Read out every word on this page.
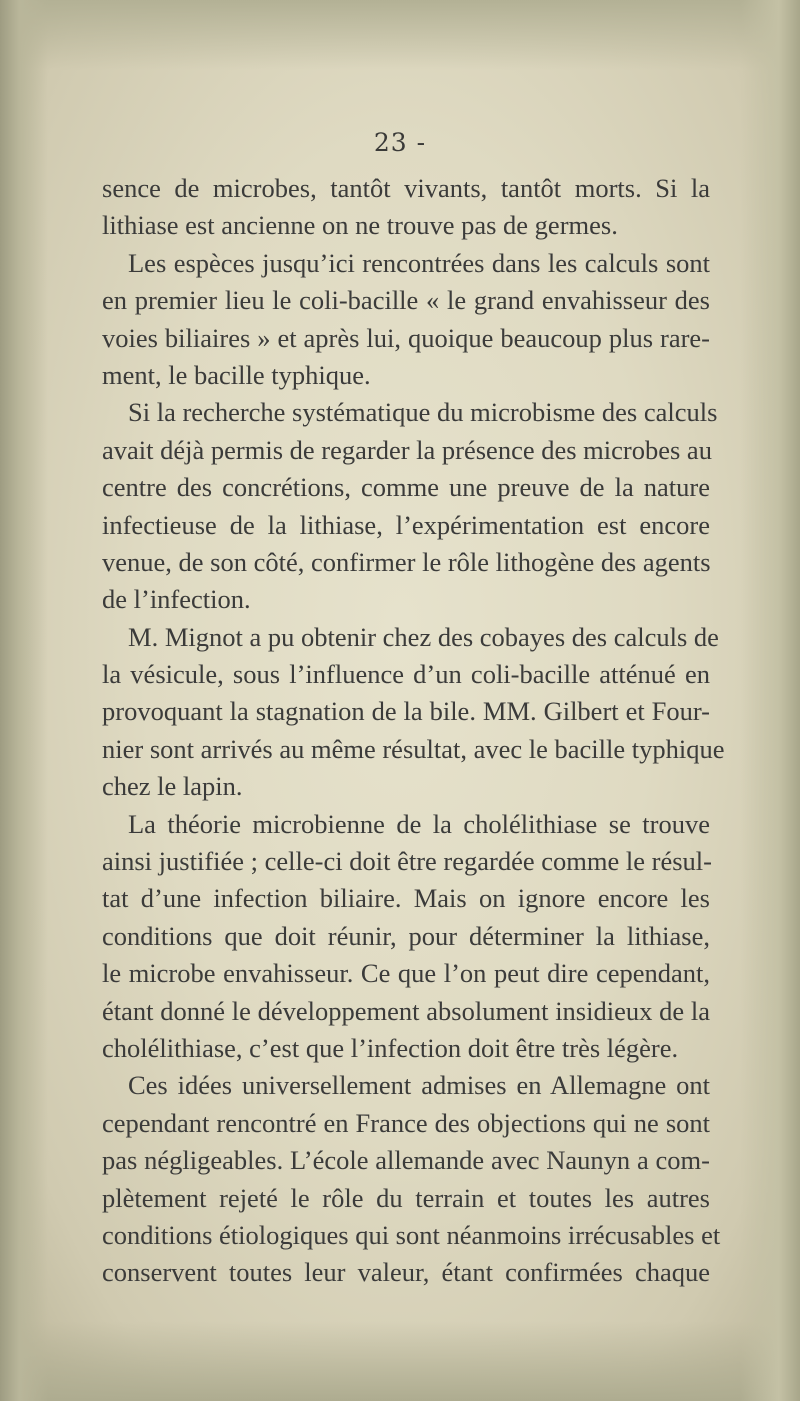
23 -
sence de microbes, tantôt vivants, tantôt morts. Si la
lithiase est ancienne on ne trouve pas de germes.
Les espèces jusqu’ici rencontrées dans les calculs sont
en premier lieu le coli-bacille « le grand envahisseur des
voies biliaires » et après lui, quoique beaucoup plus rare-
ment, le bacille typhique.
Si la recherche systématique du microbisme des calculs
avait déjà permis de regarder la présence des microbes au
centre des concrétions, comme une preuve de la nature
infectieuse de la lithiase, l’expérimentation est encore
venue, de son côté, confirmer le rôle lithogène des agents
de l’infection.
M. Mignot a pu obtenir chez des cobayes des calculs de
la vésicule, sous l’influence d’un coli-bacille atténué en
provoquant la stagnation de la bile. MM. Gilbert et Four-
nier sont arrivés au même résultat, avec le bacille typhique
chez le lapin.
La théorie microbienne de la cholélithiase se trouve
ainsi justifiée ; celle-ci doit être regardée comme le résul-
tat d’une infection biliaire. Mais on ignore encore les
conditions que doit réunir, pour déterminer la lithiase,
le microbe envahisseur. Ce que l’on peut dire cependant,
étant donné le développement absolument insidieux de la
cholélithiase, c’est que l’infection doit être très légère.
Ces idées universellement admises en Allemagne ont
cependant rencontré en France des objections qui ne sont
pas négligeables. L’école allemande avec Naunyn a com-
plètement rejeté le rôle du terrain et toutes les autres
conditions étiologiques qui sont néanmoins irrécusables et
conservent toutes leur valeur, étant confirmées chaque
